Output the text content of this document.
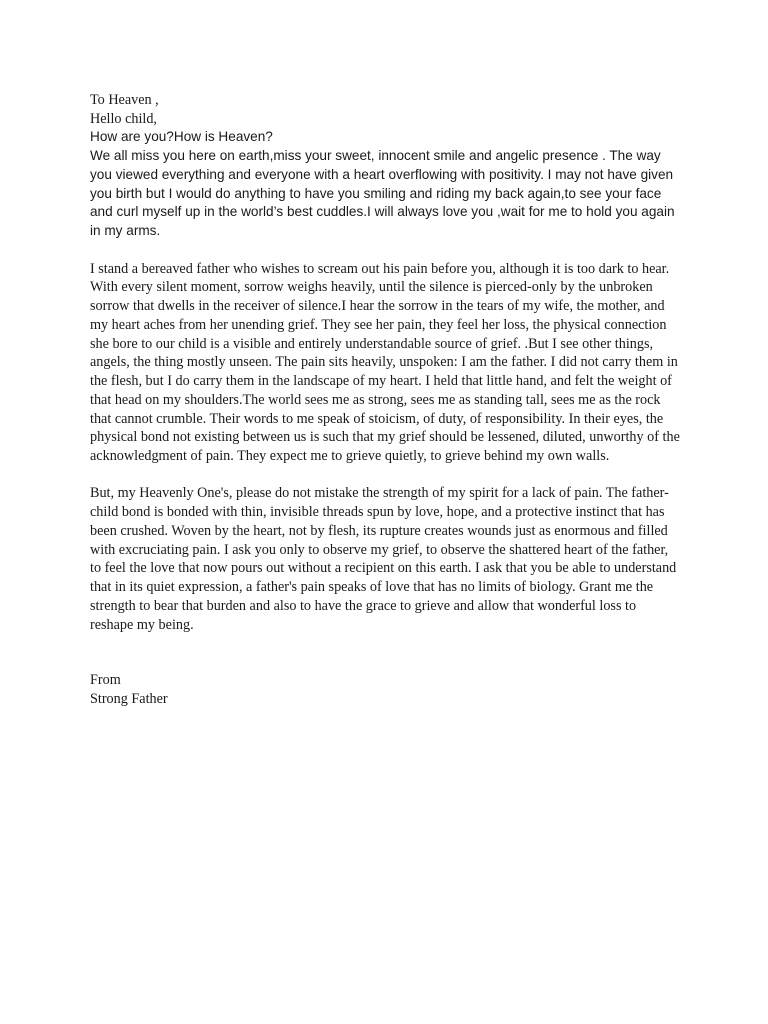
To Heaven ,

Hello child,

How are you?How is Heaven?

We all miss you here on earth,miss your sweet, innocent smile and angelic presence . The way you viewed everything and everyone with a heart overflowing with positivity. I may not have given you birth but I would do anything to have you smiling and riding my back again,to see your face and curl myself up in the world’s best cuddles.I will always love you ,wait for me to hold you again in my arms.

I stand a bereaved father who wishes to scream out his pain before you, although it is too dark to hear. With every silent moment, sorrow weighs heavily, until the silence is pierced-only by the unbroken sorrow that dwells in the receiver of silence.I hear the sorrow in the tears of my wife, the mother, and my heart aches from her unending grief. They see her pain, they feel her loss, the physical connection she bore to our child is a visible and entirely understandable source of grief. .But I see other things, angels, the thing mostly unseen. The pain sits heavily, unspoken: I am the father. I did not carry them in the flesh, but I do carry them in the landscape of my heart. I held that little hand, and felt the weight of that head on my shoulders.The world sees me as strong, sees me as standing tall, sees me as the rock that cannot crumble. Their words to me speak of stoicism, of duty, of responsibility. In their eyes, the physical bond not existing between us is such that my grief should be lessened, diluted, unworthy of the acknowledgment of pain. They expect me to grieve quietly, to grieve behind my own walls.

But, my Heavenly One's, please do not mistake the strength of my spirit for a lack of pain. The father-child bond is bonded with thin, invisible threads spun by love, hope, and a protective instinct that has been crushed. Woven by the heart, not by flesh, its rupture creates wounds just as enormous and filled with excruciating pain. I ask you only to observe my grief, to observe the shattered heart of the father, to feel the love that now pours out without a recipient on this earth. I ask that you be able to understand that in its quiet expression, a father's pain speaks of love that has no limits of biology. Grant me the strength to bear that burden and also to have the grace to grieve and allow that wonderful loss to reshape my being.

From

Strong Father
